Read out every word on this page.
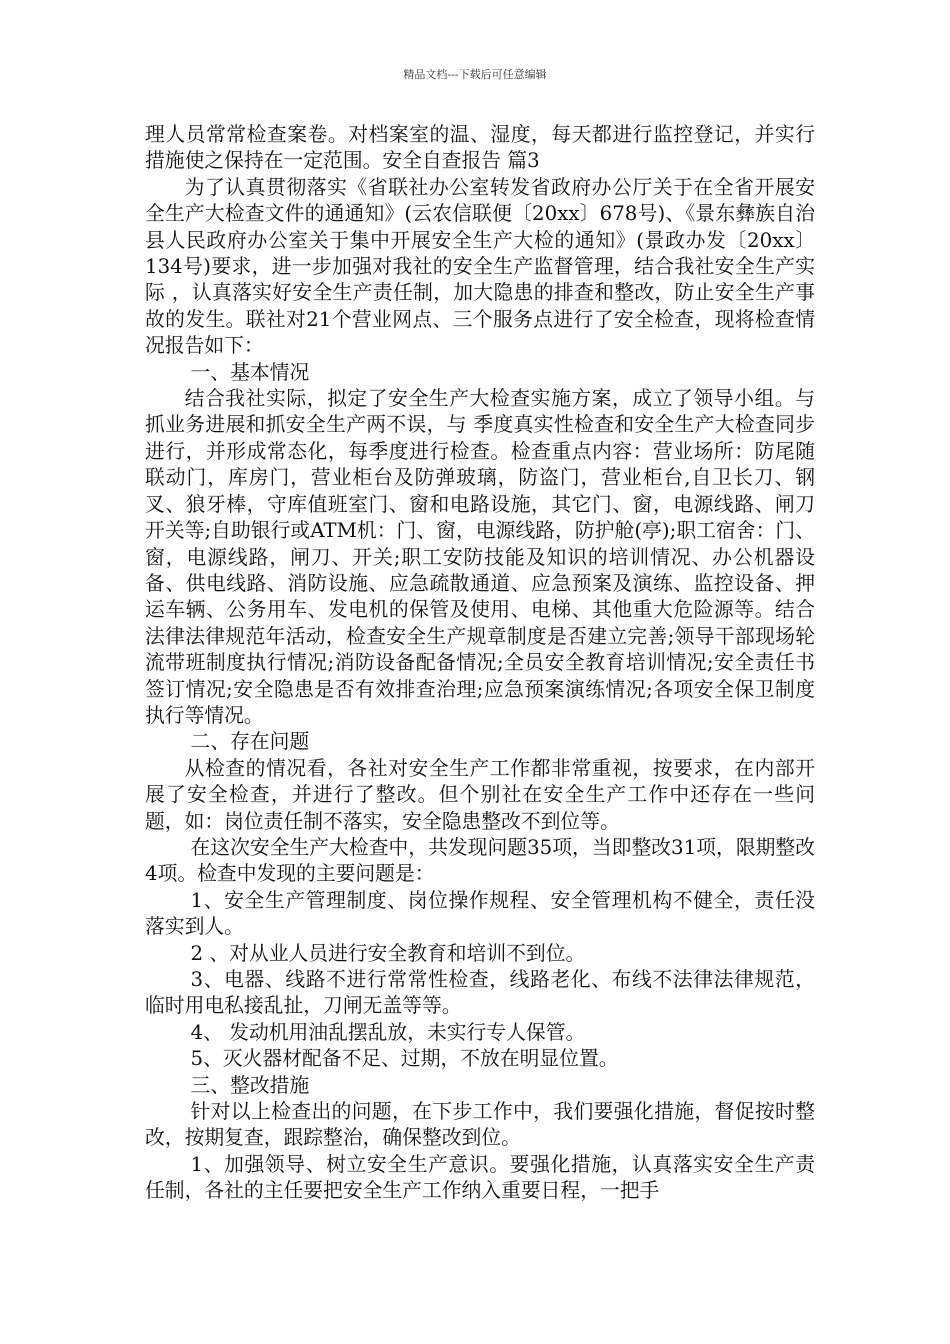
精品文档---下载后可任意编辑

理人员常常检查案卷。对档案室的温、湿度，每天都进行监控登记，并实行措施使之保持在一定范围。安全自查报告 篇3

为了认真贯彻落实《省联社办公室转发省政府办公厅关于在全省开展安全生产大检查文件的通通知》(云农信联便〔20xx〕678号)、《景东彝族自治县人民政府办公室关于集中开展安全生产大检的通知》(景政办发〔20xx〕134号)要求，进一步加强对我社的安全生产监督管理，结合我社安全生产实际 ，认真落实好安全生产责任制，加大隐患的排查和整改，防止安全生产事故的发生。联社对21个营业网点、三个服务点进行了安全检查，现将检查情况报告如下：

一、基本情况

结合我社实际，拟定了安全生产大检查实施方案，成立了领导小组。与抓业务进展和抓安全生产两不误，与 季度真实性检查和安全生产大检查同步进行，并形成常态化，每季度进行检查。检查重点内容：营业场所：防尾随联动门，库房门，营业柜台及防弹玻璃，防盗门，营业柜台,自卫长刀、钢叉、狼牙棒，守库值班室门、窗和电路设施，其它门、窗，电源线路、闸刀开关等;自助银行或ATM机：门、窗，电源线路，防护舱(亭);职工宿舍：门、窗，电源线路，闸刀、开关;职工安防技能及知识的培训情况、办公机器设备、供电线路、消防设施、应急疏散通道、应急预案及演练、监控设备、押运车辆、公务用车、发电机的保管及使用、电梯、其他重大危险源等。结合法律法律规范年活动，检查安全生产规章制度是否建立完善;领导干部现场轮流带班制度执行情况;消防设备配备情况;全员安全教育培训情况;安全责任书签订情况;安全隐患是否有效排查治理;应急预案演练情况;各项安全保卫制度执行等情况。

二、存在问题

从检查的情况看，各社对安全生产工作都非常重视，按要求，在内部开展了安全检查，并进行了整改。但个别社在安全生产工作中还存在一些问题，如：岗位责任制不落实，安全隐患整改不到位等。

在这次安全生产大检查中，共发现问题35项，当即整改31项，限期整改4项。检查中发现的主要问题是：

1、安全生产管理制度、岗位操作规程、安全管理机构不健全，责任没落实到人。

2 、对从业人员进行安全教育和培训不到位。

3、电器、线路不进行常常性检查，线路老化、布线不法律法律规范，临时用电私接乱扯，刀闸无盖等等。

4、 发动机用油乱摆乱放，未实行专人保管。

5、灭火器材配备不足、过期，不放在明显位置。

三、整改措施

针对以上检查出的问题，在下步工作中，我们要强化措施，督促按时整改，按期复查，跟踪整治，确保整改到位。

1、加强领导、树立安全生产意识。要强化措施，认真落实安全生产责任制，各社的主任要把安全生产工作纳入重要日程，一把手
